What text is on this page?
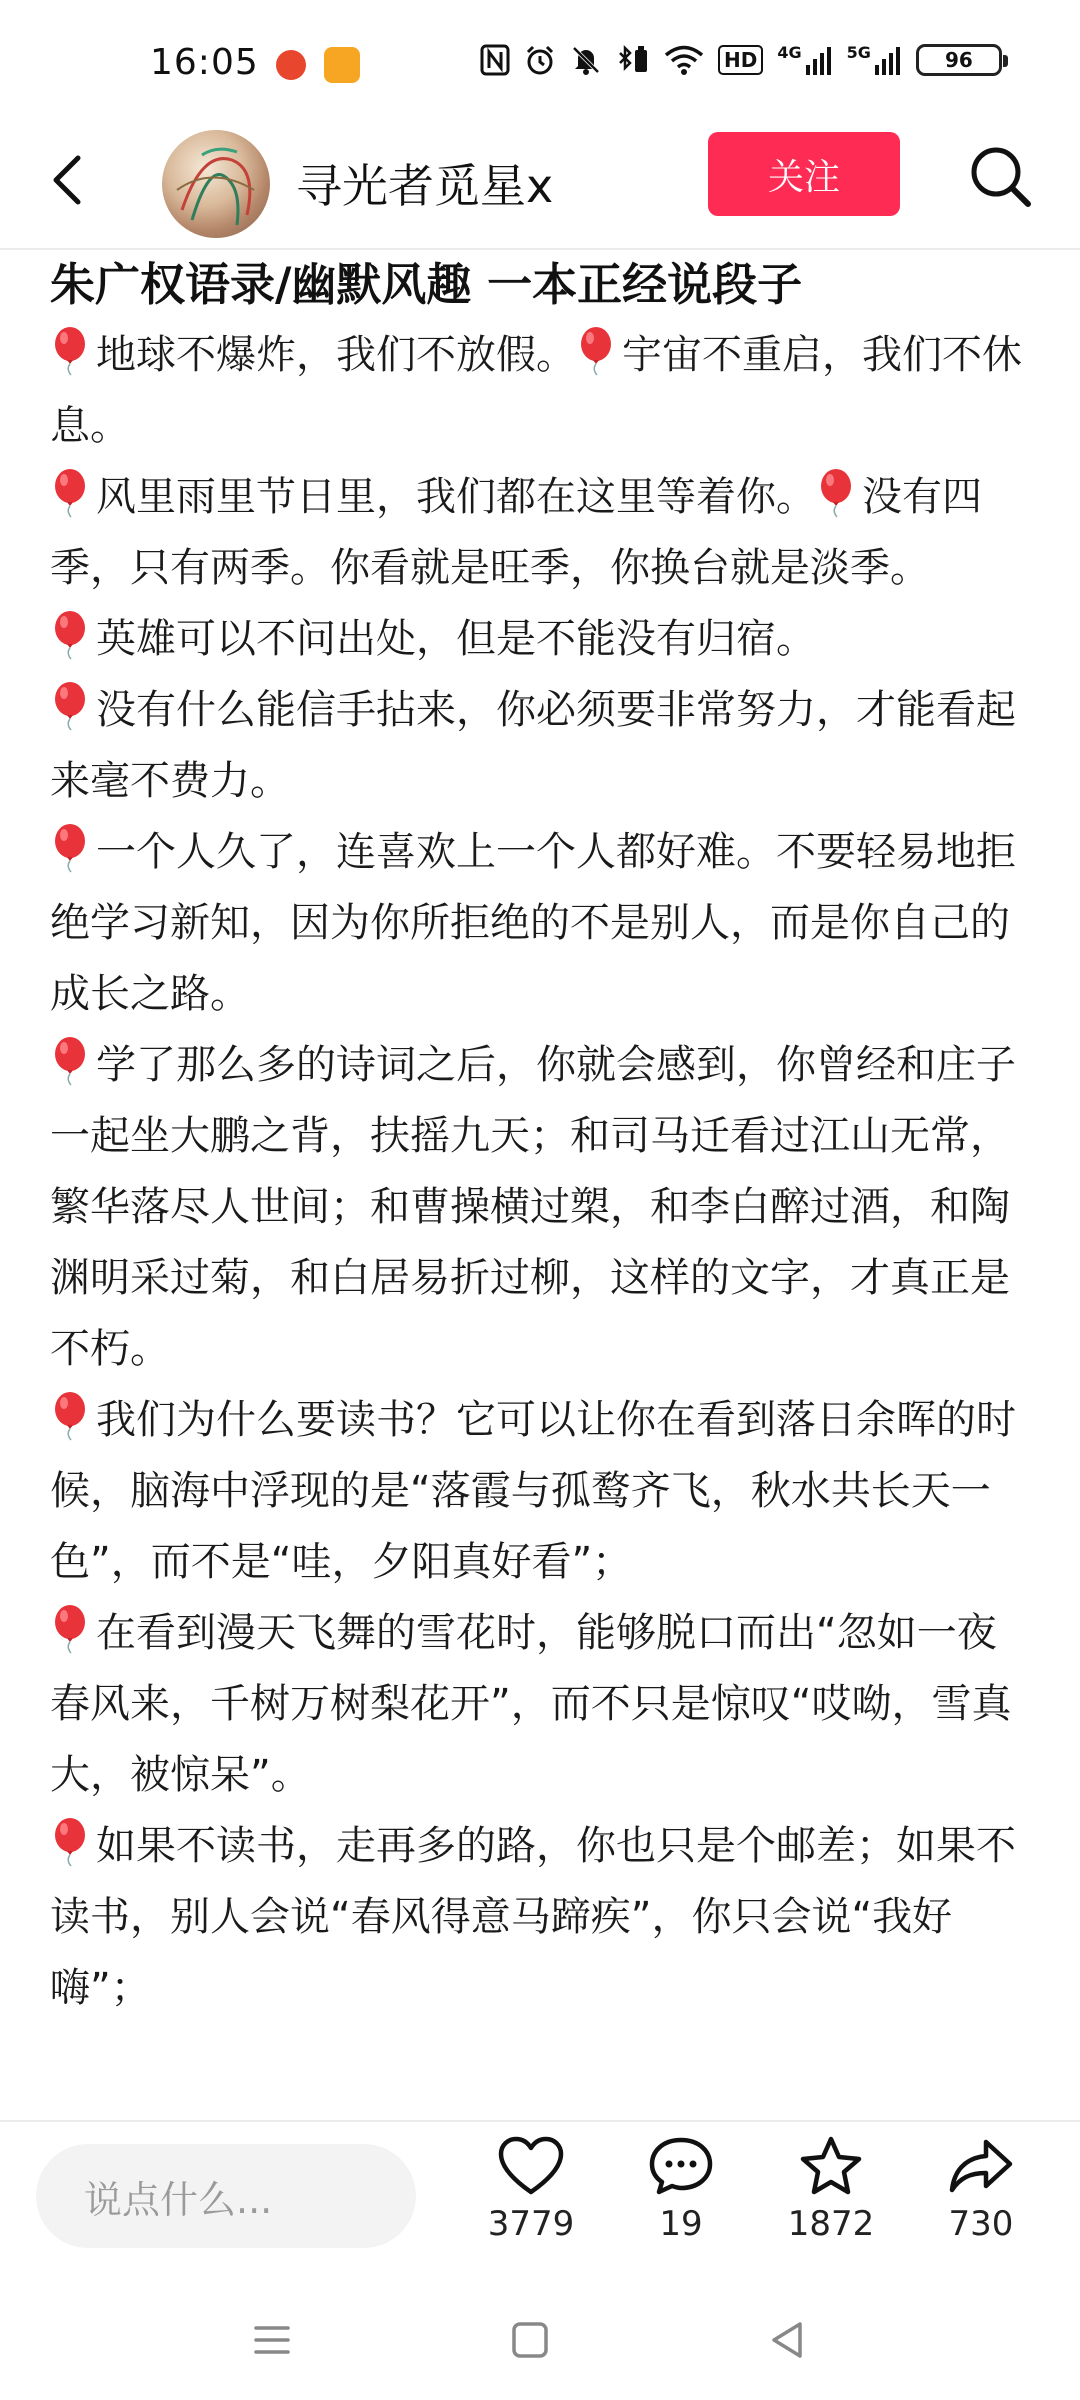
16:05	HD	4G	5G	96
寻光者觅星x	关注
朱广权语录/幽默风趣 一本正经说段子

地球不爆炸，我们不放假。 宇宙不重启，我们不休息。

风里雨里节日里，我们都在这里等着你。 没有四季，只有两季。你看就是旺季，你换台就是淡季。

英雄可以不问出处，但是不能没有归宿。

没有什么能信手拈来，你必须要非常努力，才能看起来毫不费力。

一个人久了，连喜欢上一个人都好难。不要轻易地拒绝学习新知，因为你所拒绝的不是别人，而是你自己的成长之路。

学了那么多的诗词之后，你就会感到，你曾经和庄子一起坐大鹏之背，扶摇九天；和司马迁看过江山无常，繁华落尽人世间；和曹操横过槊，和李白醉过酒，和陶渊明采过菊，和白居易折过柳，这样的文字，才真正是不朽。

我们为什么要读书？它可以让你在看到落日余晖的时候，脑海中浮现的是“落霞与孤鹜齐飞，秋水共长天一色”，而不是“哇，夕阳真好看”；

在看到漫天飞舞的雪花时，能够脱口而出“忽如一夜春风来，千树万树梨花开”，而不只是惊叹“哎呦，雪真大，被惊呆”。

如果不读书，走再多的路，你也只是个邮差；如果不读书，别人会说“春风得意马蹄疾”，你只会说“我好嗨”；

说点什么...
3779	19	1872	730
